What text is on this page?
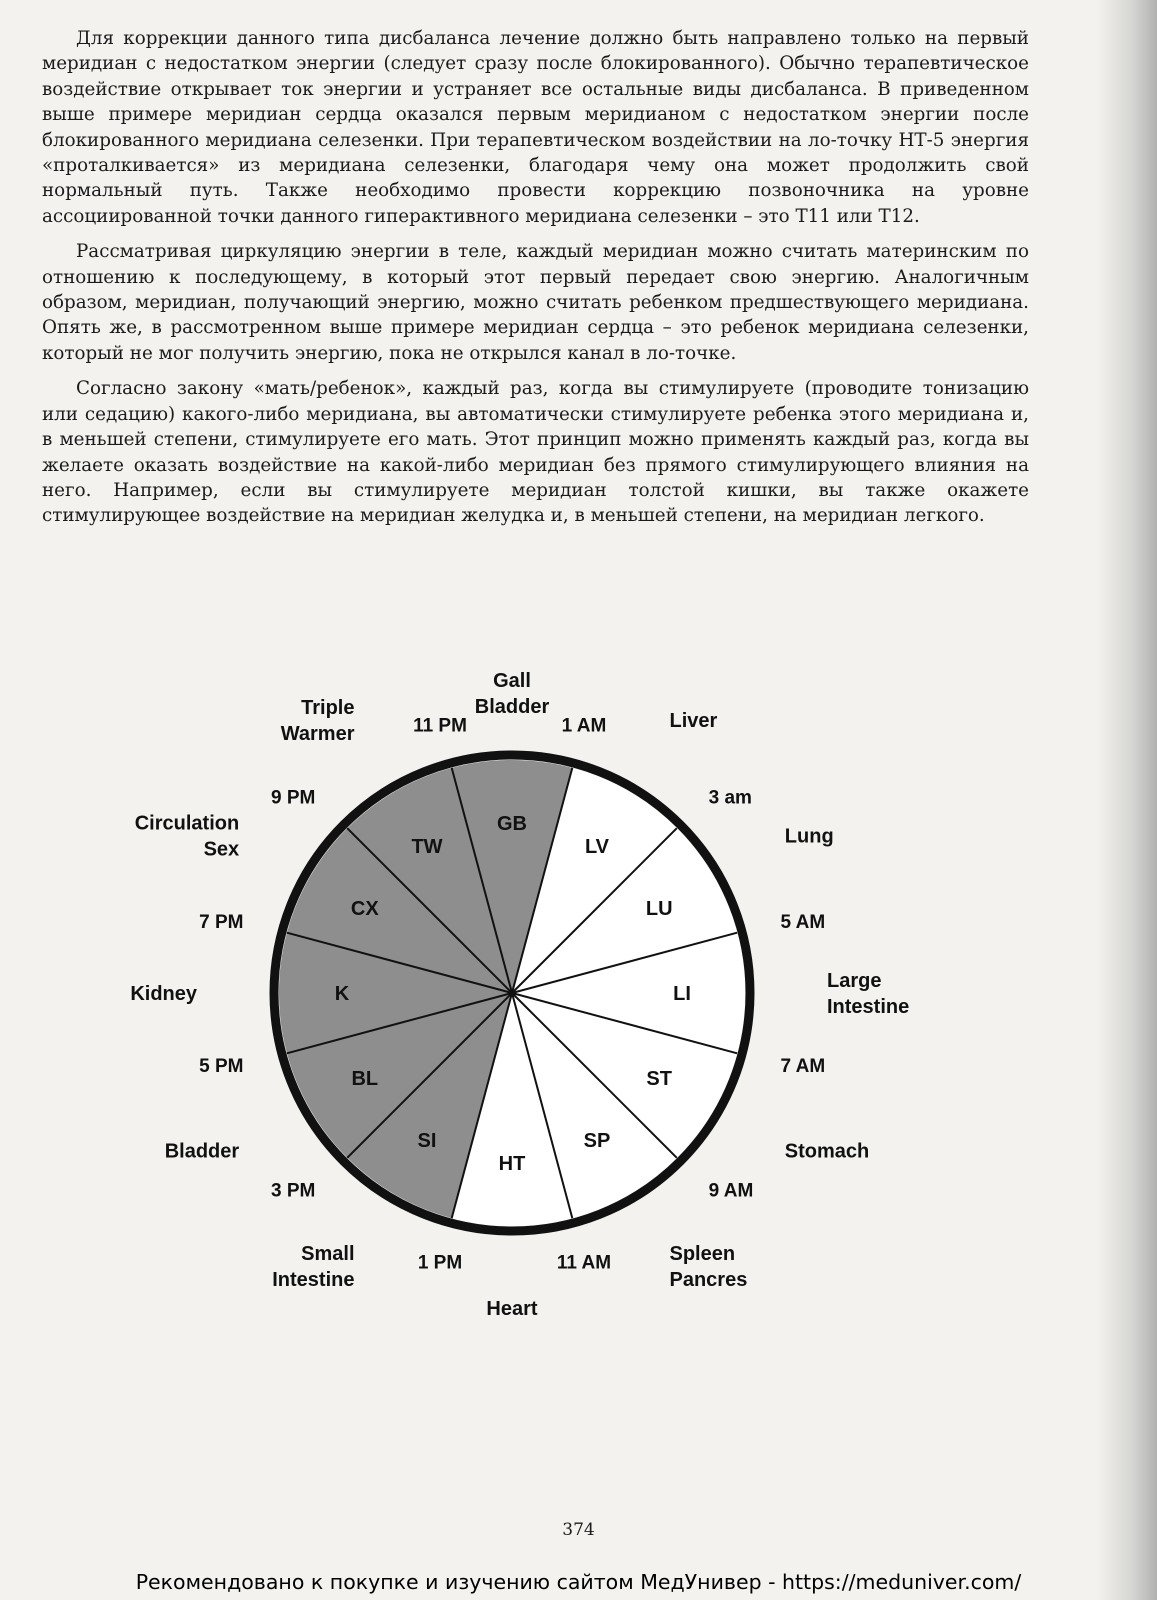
Для коррекции данного типа дисбаланса лечение должно быть направлено только на первый меридиан с недостатком энергии (следует сразу после блокированного). Обычно терапевтическое воздействие открывает ток энергии и устраняет все остальные виды дисбаланса. В приведенном выше примере меридиан сердца оказался первым меридианом с недостатком энергии после блокированного меридиана селезенки. При терапевтическом воздействии на ло-точку НТ-5 энергия «проталкивается» из меридиана селезенки, благодаря чему она может продолжить свой нормальный путь. Также необходимо провести коррекцию позвоночника на уровне ассоциированной точки данного гиперактивного меридиана селезенки – это Т11 или Т12.

Рассматривая циркуляцию энергии в теле, каждый меридиан можно считать материнским по отношению к последующему, в который этот первый передает свою энергию. Аналогичным образом, меридиан, получающий энергию, можно считать ребенком предшествующего меридиана. Опять же, в рассмотренном выше примере меридиан сердца – это ребенок меридиана селезенки, который не мог получить энергию, пока не открылся канал в ло-точке.

Согласно закону «мать/ребенок», каждый раз, когда вы стимулируете (проводите тонизацию или седацию) какого-либо меридиана, вы автоматически стимулируете ребенка этого меридиана и, в меньшей степени, стимулируете его мать. Этот принцип можно применять каждый раз, когда вы желаете оказать воздействие на какой-либо меридиан без прямого стимулирующего влияния на него. Например, если вы стимулируете меридиан толстой кишки, вы также окажете стимулирующее воздействие на меридиан желудка и, в меньшей степени, на меридиан легкого.

GB
LV
LU
LI
ST
SP
HT
SI
BL
K
CX
TW
Gall Bladder
Liver
Lung
Large Intestine
Stomach
Spleen Pancres
Heart
Small Intestine
Bladder
Kidney
Circulation Sex
Triple Warmer	1 AM
3 am
5 AM
7 AM
9 AM
11 AM
1 PM
3 PM
5 PM
7 PM
9 PM
11 PM
374
Рекомендовано к покупке и изучению сайтом МедУнивер - https://meduniver.com/
